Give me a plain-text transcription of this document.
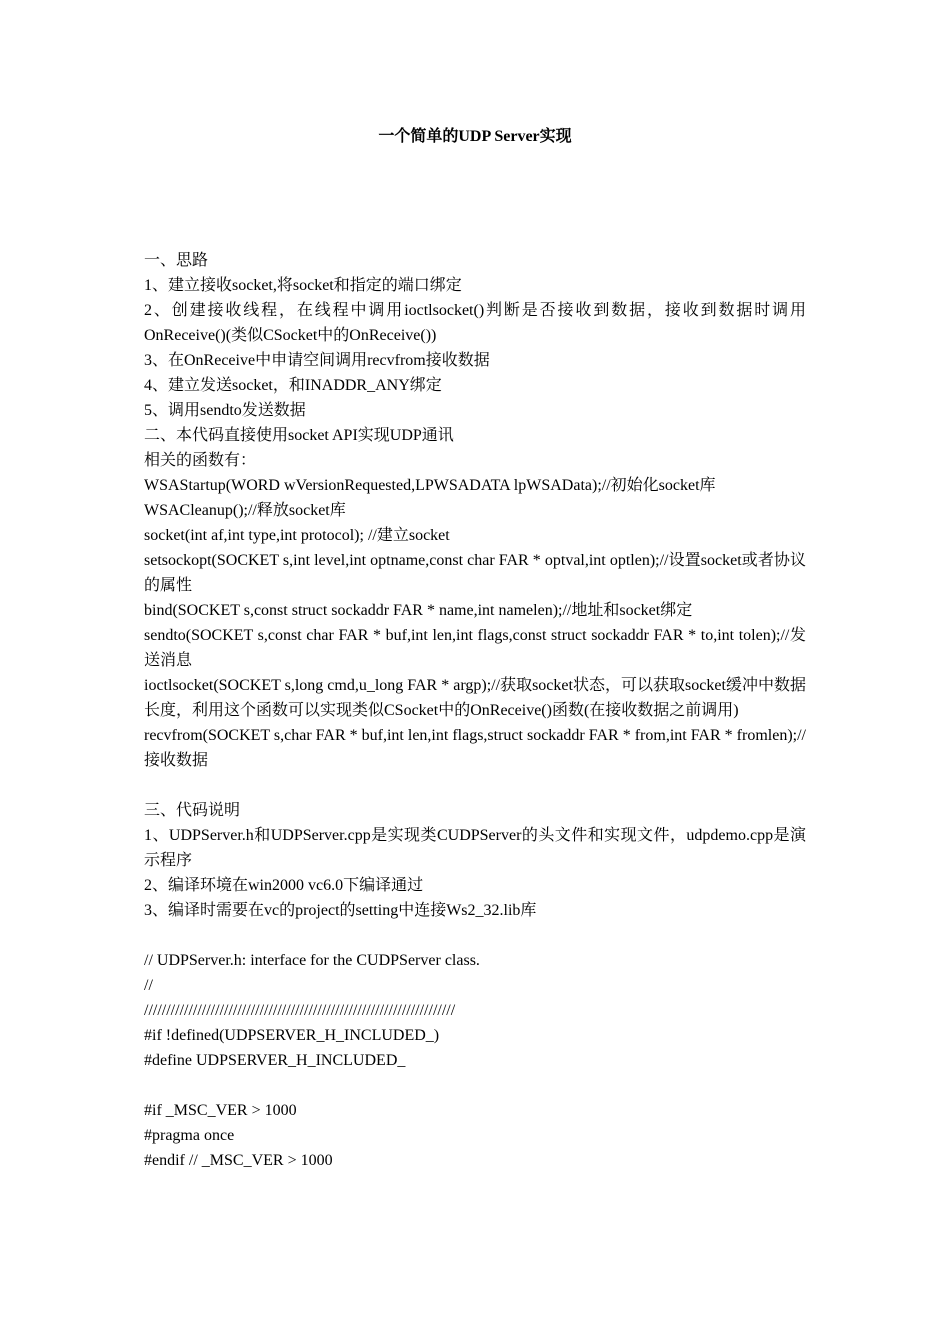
一个简单的UDP Server实现
一、思路
1、建立接收socket,将socket和指定的端口绑定
2、创建接收线程，在线程中调用ioctlsocket()判断是否接收到数据，接收到数据时调用OnReceive()(类似CSocket中的OnReceive())
3、在OnReceive中申请空间调用recvfrom接收数据
4、建立发送socket，和INADDR_ANY绑定
5、调用sendto发送数据
二、本代码直接使用socket API实现UDP通讯
相关的函数有：
WSAStartup(WORD wVersionRequested,LPWSADATA lpWSAData);//初始化socket库
WSACleanup();//释放socket库
socket(int af,int type,int protocol); //建立socket
setsockopt(SOCKET s,int level,int optname,const char FAR * optval,int optlen);//设置socket或者协议的属性
bind(SOCKET s,const struct sockaddr FAR * name,int namelen);//地址和socket绑定
sendto(SOCKET s,const char FAR * buf,int len,int flags,const struct sockaddr FAR * to,int tolen);//发送消息
ioctlsocket(SOCKET s,long cmd,u_long FAR * argp);//获取socket状态，可以获取socket缓冲中数据长度，利用这个函数可以实现类似CSocket中的OnReceive()函数(在接收数据之前调用)
recvfrom(SOCKET s,char FAR * buf,int len,int flags,struct sockaddr FAR * from,int FAR * fromlen);//接收数据
三、代码说明
1、UDPServer.h和UDPServer.cpp是实现类CUDPServer的头文件和实现文件，udpdemo.cpp是演示程序
2、编译环境在win2000 vc6.0下编译通过
3、编译时需要在vc的project的setting中连接Ws2_32.lib库
// UDPServer.h: interface for the CUDPServer class.
//
//////////////////////////////////////////////////////////////////////
#if !defined(UDPSERVER_H_INCLUDED_)
#define UDPSERVER_H_INCLUDED_
#if _MSC_VER > 1000
#pragma once
#endif // _MSC_VER > 1000
